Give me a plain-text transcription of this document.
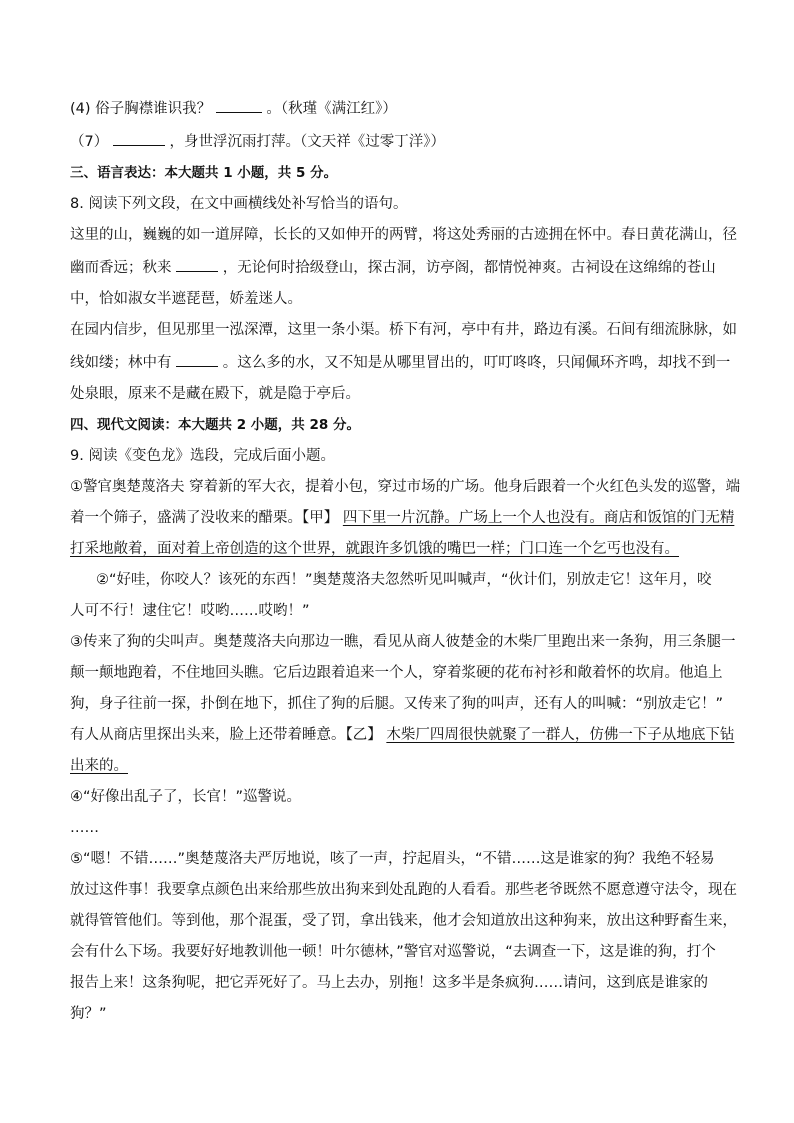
(4) 俗子胸襟谁识我？	。（秋瑾《满江红》）
（7）	，身世浮沉雨打萍。（文天祥《过零丁洋》）
三、语言表达：本大题共 1 小题，共 5 分。
8. 阅读下列文段，在文中画横线处补写恰当的语句。
这里的山，巍巍的如一道屏障，长长的又如伸开的两臂，将这处秀丽的古迹拥在怀中。春日黄花满山，径
幽而香远；秋来	，无论何时拾级登山，探古洞，访亭阁，都情悦神爽。古祠设在这绵绵的苍山
中，恰如淑女半遮琵琶，娇羞迷人。
在园内信步，但见那里一泓深潭，这里一条小渠。桥下有河，亭中有井，路边有溪。石间有细流脉脉，如
线如缕；林中有	。这么多的水，又不知是从哪里冒出的，叮叮咚咚，只闻佩环齐鸣，却找不到一
处泉眼，原来不是藏在殿下，就是隐于亭后。
四、现代文阅读：本大题共 2 小题，共 28 分。
9. 阅读《变色龙》选段，完成后面小题。
①警官奥楚蔑洛夫 穿着新的军大衣，提着小包，穿过市场的广场。他身后跟着一个火红色头发的巡警，端
着一个筛子，盛满了没收来的醋栗。【甲】 四下里一片沉静。广场上一个人也没有。商店和饭馆的门无精
打采地敞着，面对着上帝创造的这个世界，就跟许多饥饿的嘴巴一样；门口连一个乞丐也没有。
②“好哇，你咬人？该死的东西！”奥楚蔑洛夫忽然听见叫喊声，“伙计们，别放走它！这年月，咬
人可不行！逮住它！哎哟……哎哟！”
③传来了狗的尖叫声。奥楚蔑洛夫向那边一瞧，看见从商人彼楚金的木柴厂里跑出来一条狗，用三条腿一
颠一颠地跑着，不住地回头瞧。它后边跟着追来一个人，穿着浆硬的花布衬衫和敞着怀的坎肩。他追上
狗，身子往前一探，扑倒在地下，抓住了狗的后腿。又传来了狗的叫声，还有人的叫喊：“别放走它！”
有人从商店里探出头来，脸上还带着睡意。【乙】 木柴厂四周很快就聚了一群人，仿佛一下子从地底下钻
出来的。
④“好像出乱子了，长官！”巡警说。
……
⑤“嗯！不错……”奥楚蔑洛夫严厉地说，咳了一声，拧起眉头，“不错……这是谁家的狗？我绝不轻易
放过这件事！我要拿点颜色出来给那些放出狗来到处乱跑的人看看。那些老爷既然不愿意遵守法令，现在
就得管管他们。等到他，那个混蛋，受了罚，拿出钱来，他才会知道放出这种狗来，放出这种野畜生来，
会有什么下场。我要好好地教训他一顿！叶尔德林，”警官对巡警说，“去调查一下，这是谁的狗，打个
报告上来！这条狗呢，把它弄死好了。马上去办，别拖！这多半是条疯狗……请问，这到底是谁家的
狗？”
